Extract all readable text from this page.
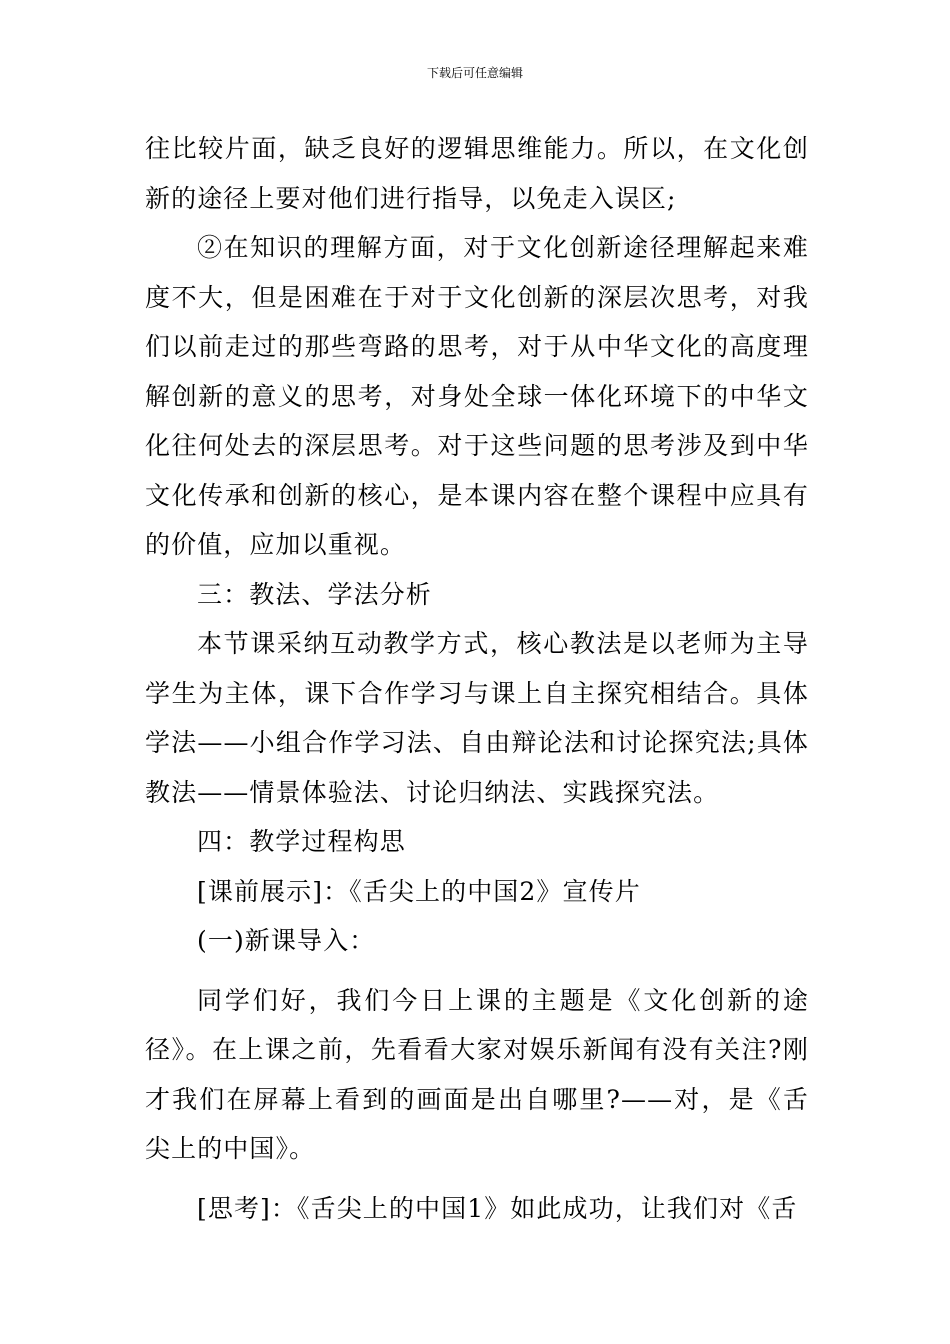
下载后可任意编辑

往比较片面，缺乏良好的逻辑思维能力。所以，在文化创新的途径上要对他们进行指导，以免走入误区;

②在知识的理解方面，对于文化创新途径理解起来难度不大，但是困难在于对于文化创新的深层次思考，对我们以前走过的那些弯路的思考，对于从中华文化的高度理解创新的意义的思考，对身处全球一体化环境下的中华文化往何处去的深层思考。对于这些问题的思考涉及到中华文化传承和创新的核心，是本课内容在整个课程中应具有的价值，应加以重视。

三：教法、学法分析

本节课采纳互动教学方式，核心教法是以老师为主导学生为主体，课下合作学习与课上自主探究相结合。具体学法——小组合作学习法、自由辩论法和讨论探究法;具体教法——情景体验法、讨论归纳法、实践探究法。

四：教学过程构思

[课前展示]：《舌尖上的中国2》宣传片

(一)新课导入：

同学们好，我们今日上课的主题是《文化创新的途径》。在上课之前，先看看大家对娱乐新闻有没有关注?刚才我们在屏幕上看到的画面是出自哪里?——对，是《舌尖上的中国》。

[思考]：《舌尖上的中国1》如此成功，让我们对《舌
